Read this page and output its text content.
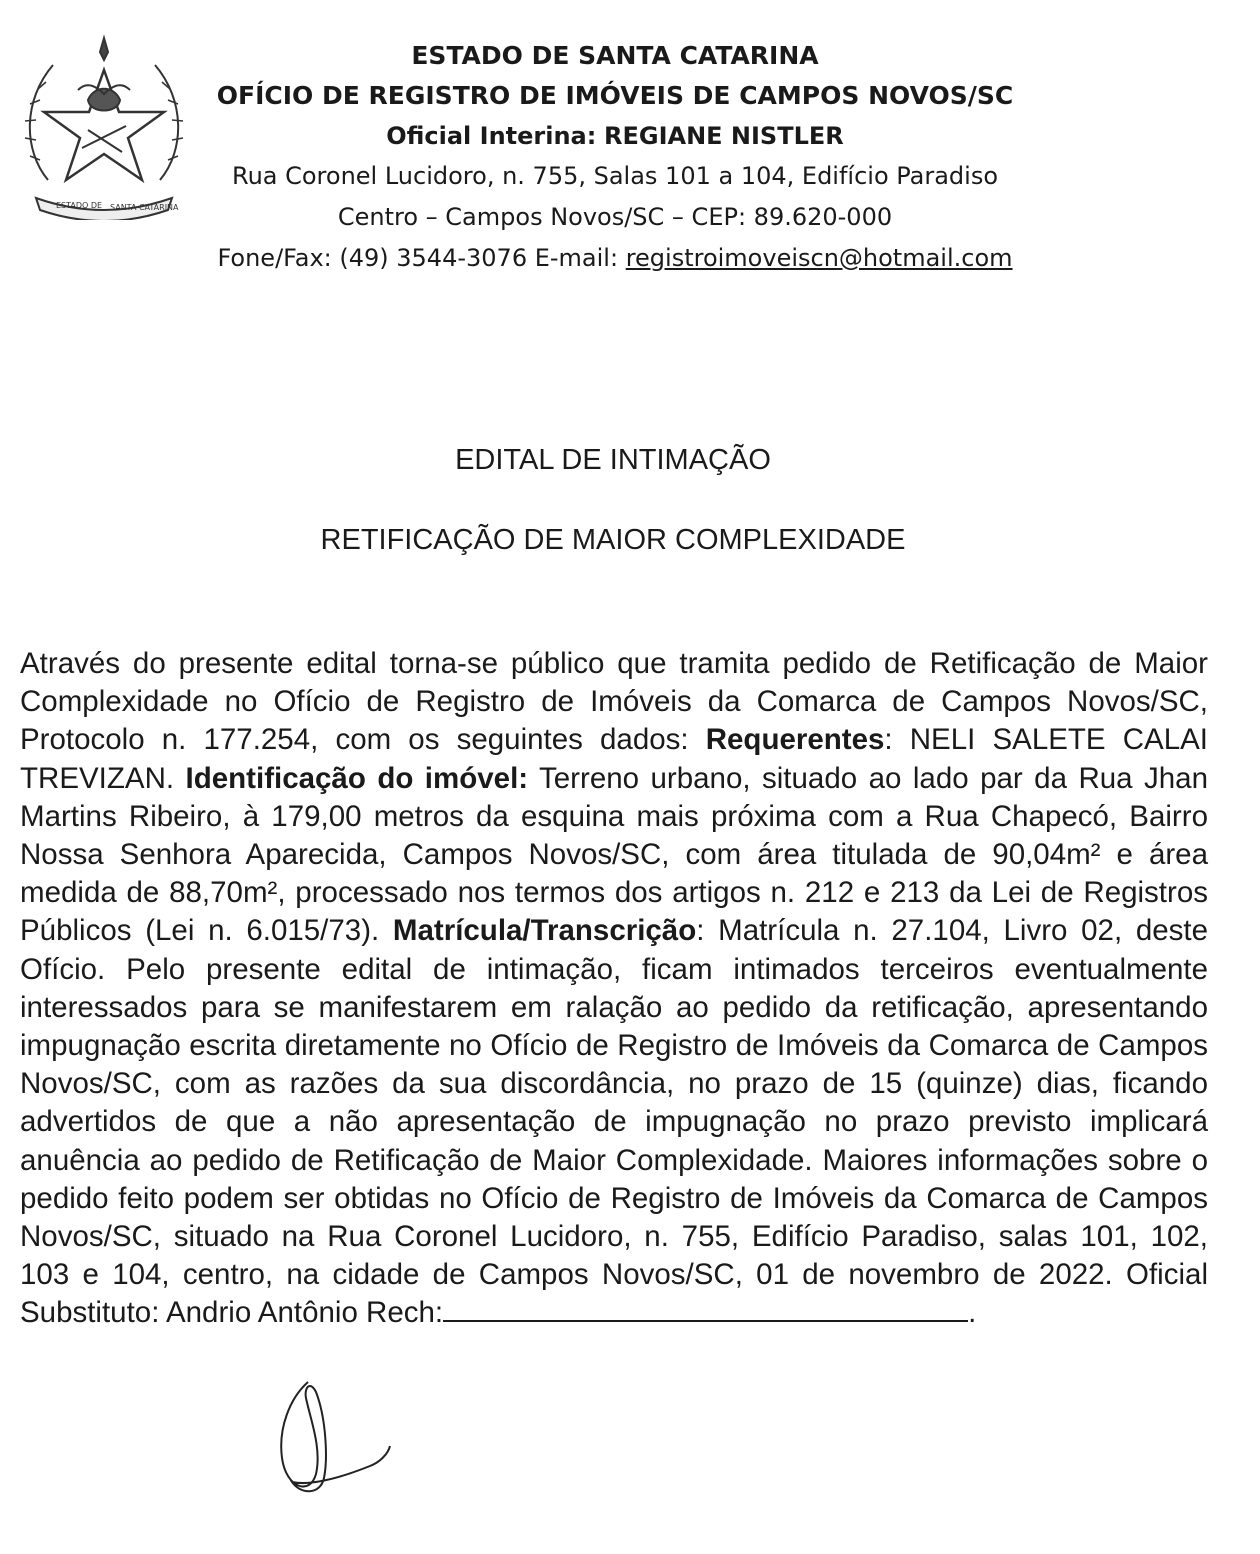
ESTADO DE SANTA CATARINA
ESTADO DE SANTA CATARINA
OFÍCIO DE REGISTRO DE IMÓVEIS DE CAMPOS NOVOS/SC
Oficial Interina: REGIANE NISTLER
Rua Coronel Lucidoro, n. 755, Salas 101 a 104, Edifício Paradiso
Centro – Campos Novos/SC – CEP: 89.620-000
Fone/Fax: (49) 3544-3076 E-mail: registroimoveiscn@hotmail.com
EDITAL DE INTIMAÇÃO
RETIFICAÇÃO DE MAIOR COMPLEXIDADE
Através do presente edital torna-se público que tramita pedido de Retificação de Maior Complexidade no Ofício de Registro de Imóveis da Comarca de Campos Novos/SC, Protocolo n. 177.254, com os seguintes dados: Requerentes: NELI SALETE CALAI TREVIZAN. Identificação do imóvel: Terreno urbano, situado ao lado par da Rua Jhan Martins Ribeiro, à 179,00 metros da esquina mais próxima com a Rua Chapecó, Bairro Nossa Senhora Aparecida, Campos Novos/SC, com área titulada de 90,04m² e área medida de 88,70m², processado nos termos dos artigos n. 212 e 213 da Lei de Registros Públicos (Lei n. 6.015/73). Matrícula/Transcrição: Matrícula n. 27.104, Livro 02, deste Ofício. Pelo presente edital de intimação, ficam intimados terceiros eventualmente interessados para se manifestarem em ralação ao pedido da retificação, apresentando impugnação escrita diretamente no Ofício de Registro de Imóveis da Comarca de Campos Novos/SC, com as razões da sua discordância, no prazo de 15 (quinze) dias, ficando advertidos de que a não apresentação de impugnação no prazo previsto implicará anuência ao pedido de Retificação de Maior Complexidade. Maiores informações sobre o pedido feito podem ser obtidas no Ofício de Registro de Imóveis da Comarca de Campos Novos/SC, situado na Rua Coronel Lucidoro, n. 755, Edifício Paradiso, salas 101, 102, 103 e 104, centro, na cidade de Campos Novos/SC, 01 de novembro de 2022. Oficial Substituto: Andrio Antônio Rech:	.
